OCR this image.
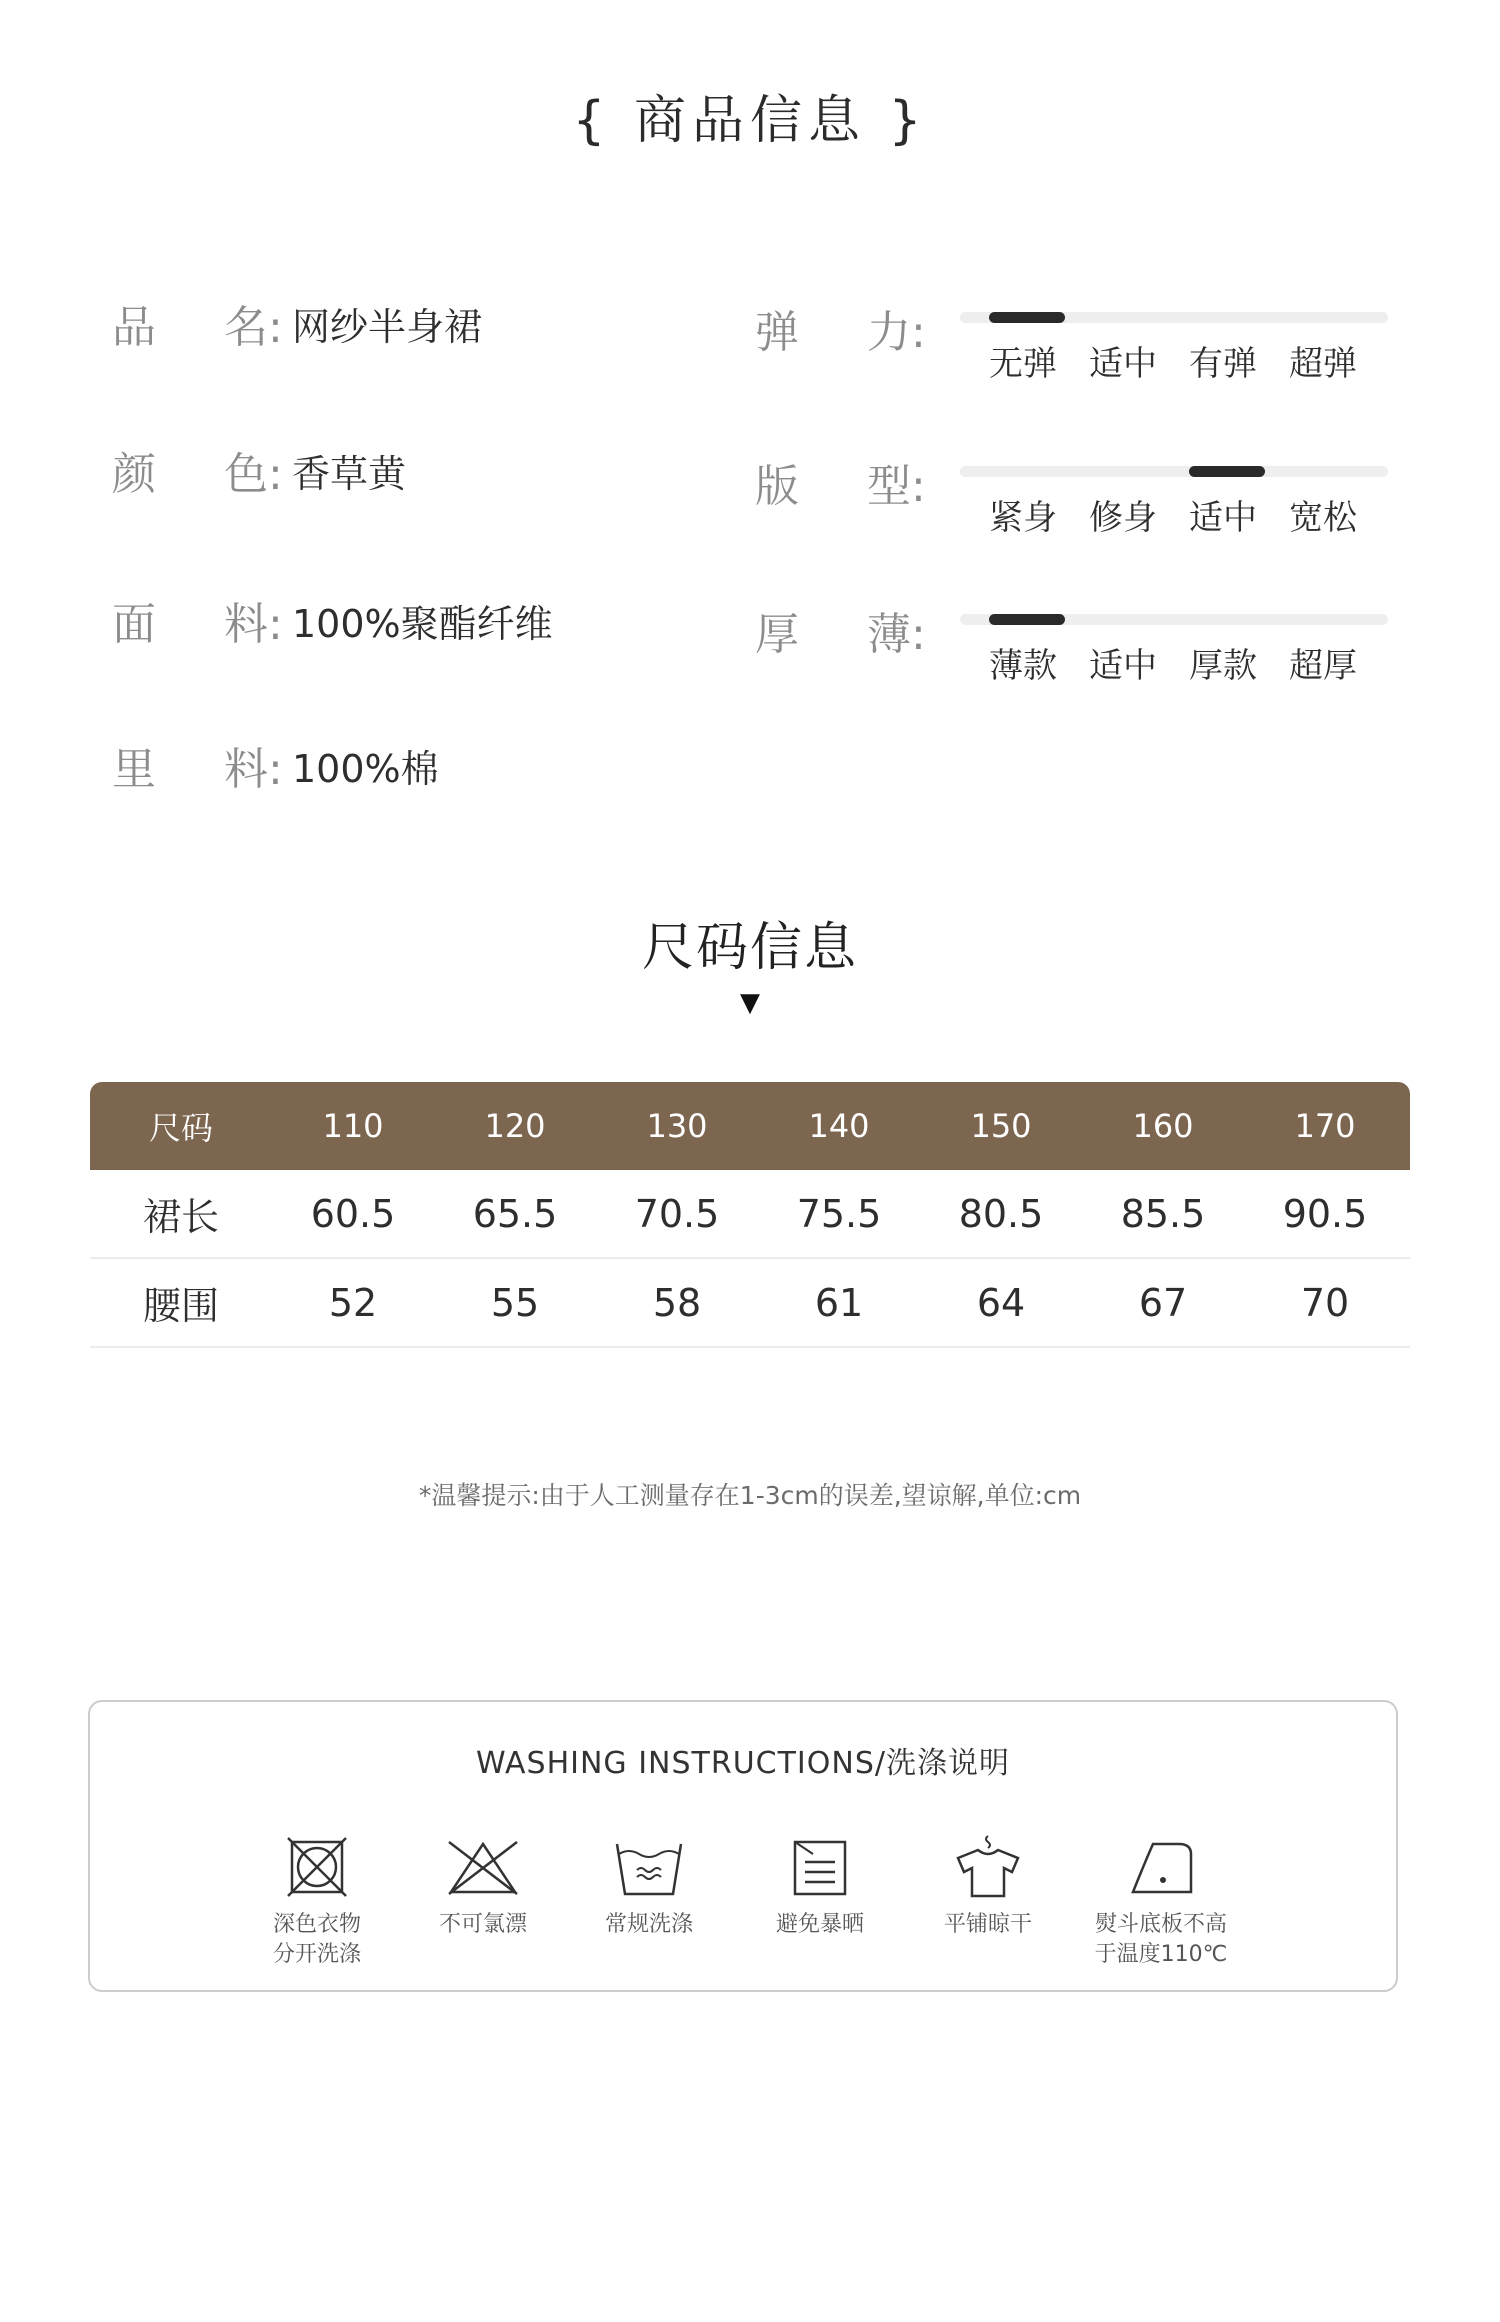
{ 商品信息 }
品	名: 网纱半身裙
颜	色: 香草黄
面	料: 100%聚酯纤维
里	料: 100%棉
弹 力:
无弹 适中 有弹 超弹
版 型:
紧身 修身 适中 宽松
厚 薄:
薄款 适中 厚款 超厚
尺码信息
▼
尺码	110	120	130	140	150	160	170
裙长	60.5	65.5	70.5	75.5	80.5	85.5	90.5
腰围	52	55	58	61	64	67	70
*温馨提示:由于人工测量存在1-3cm的误差,望谅解,单位:cm
WASHING INSTRUCTIONS/洗涤说明
深色衣物
分开洗涤
不可氯漂	常规洗涤	避免暴晒	平铺晾干	熨斗底板不高
于温度110℃
